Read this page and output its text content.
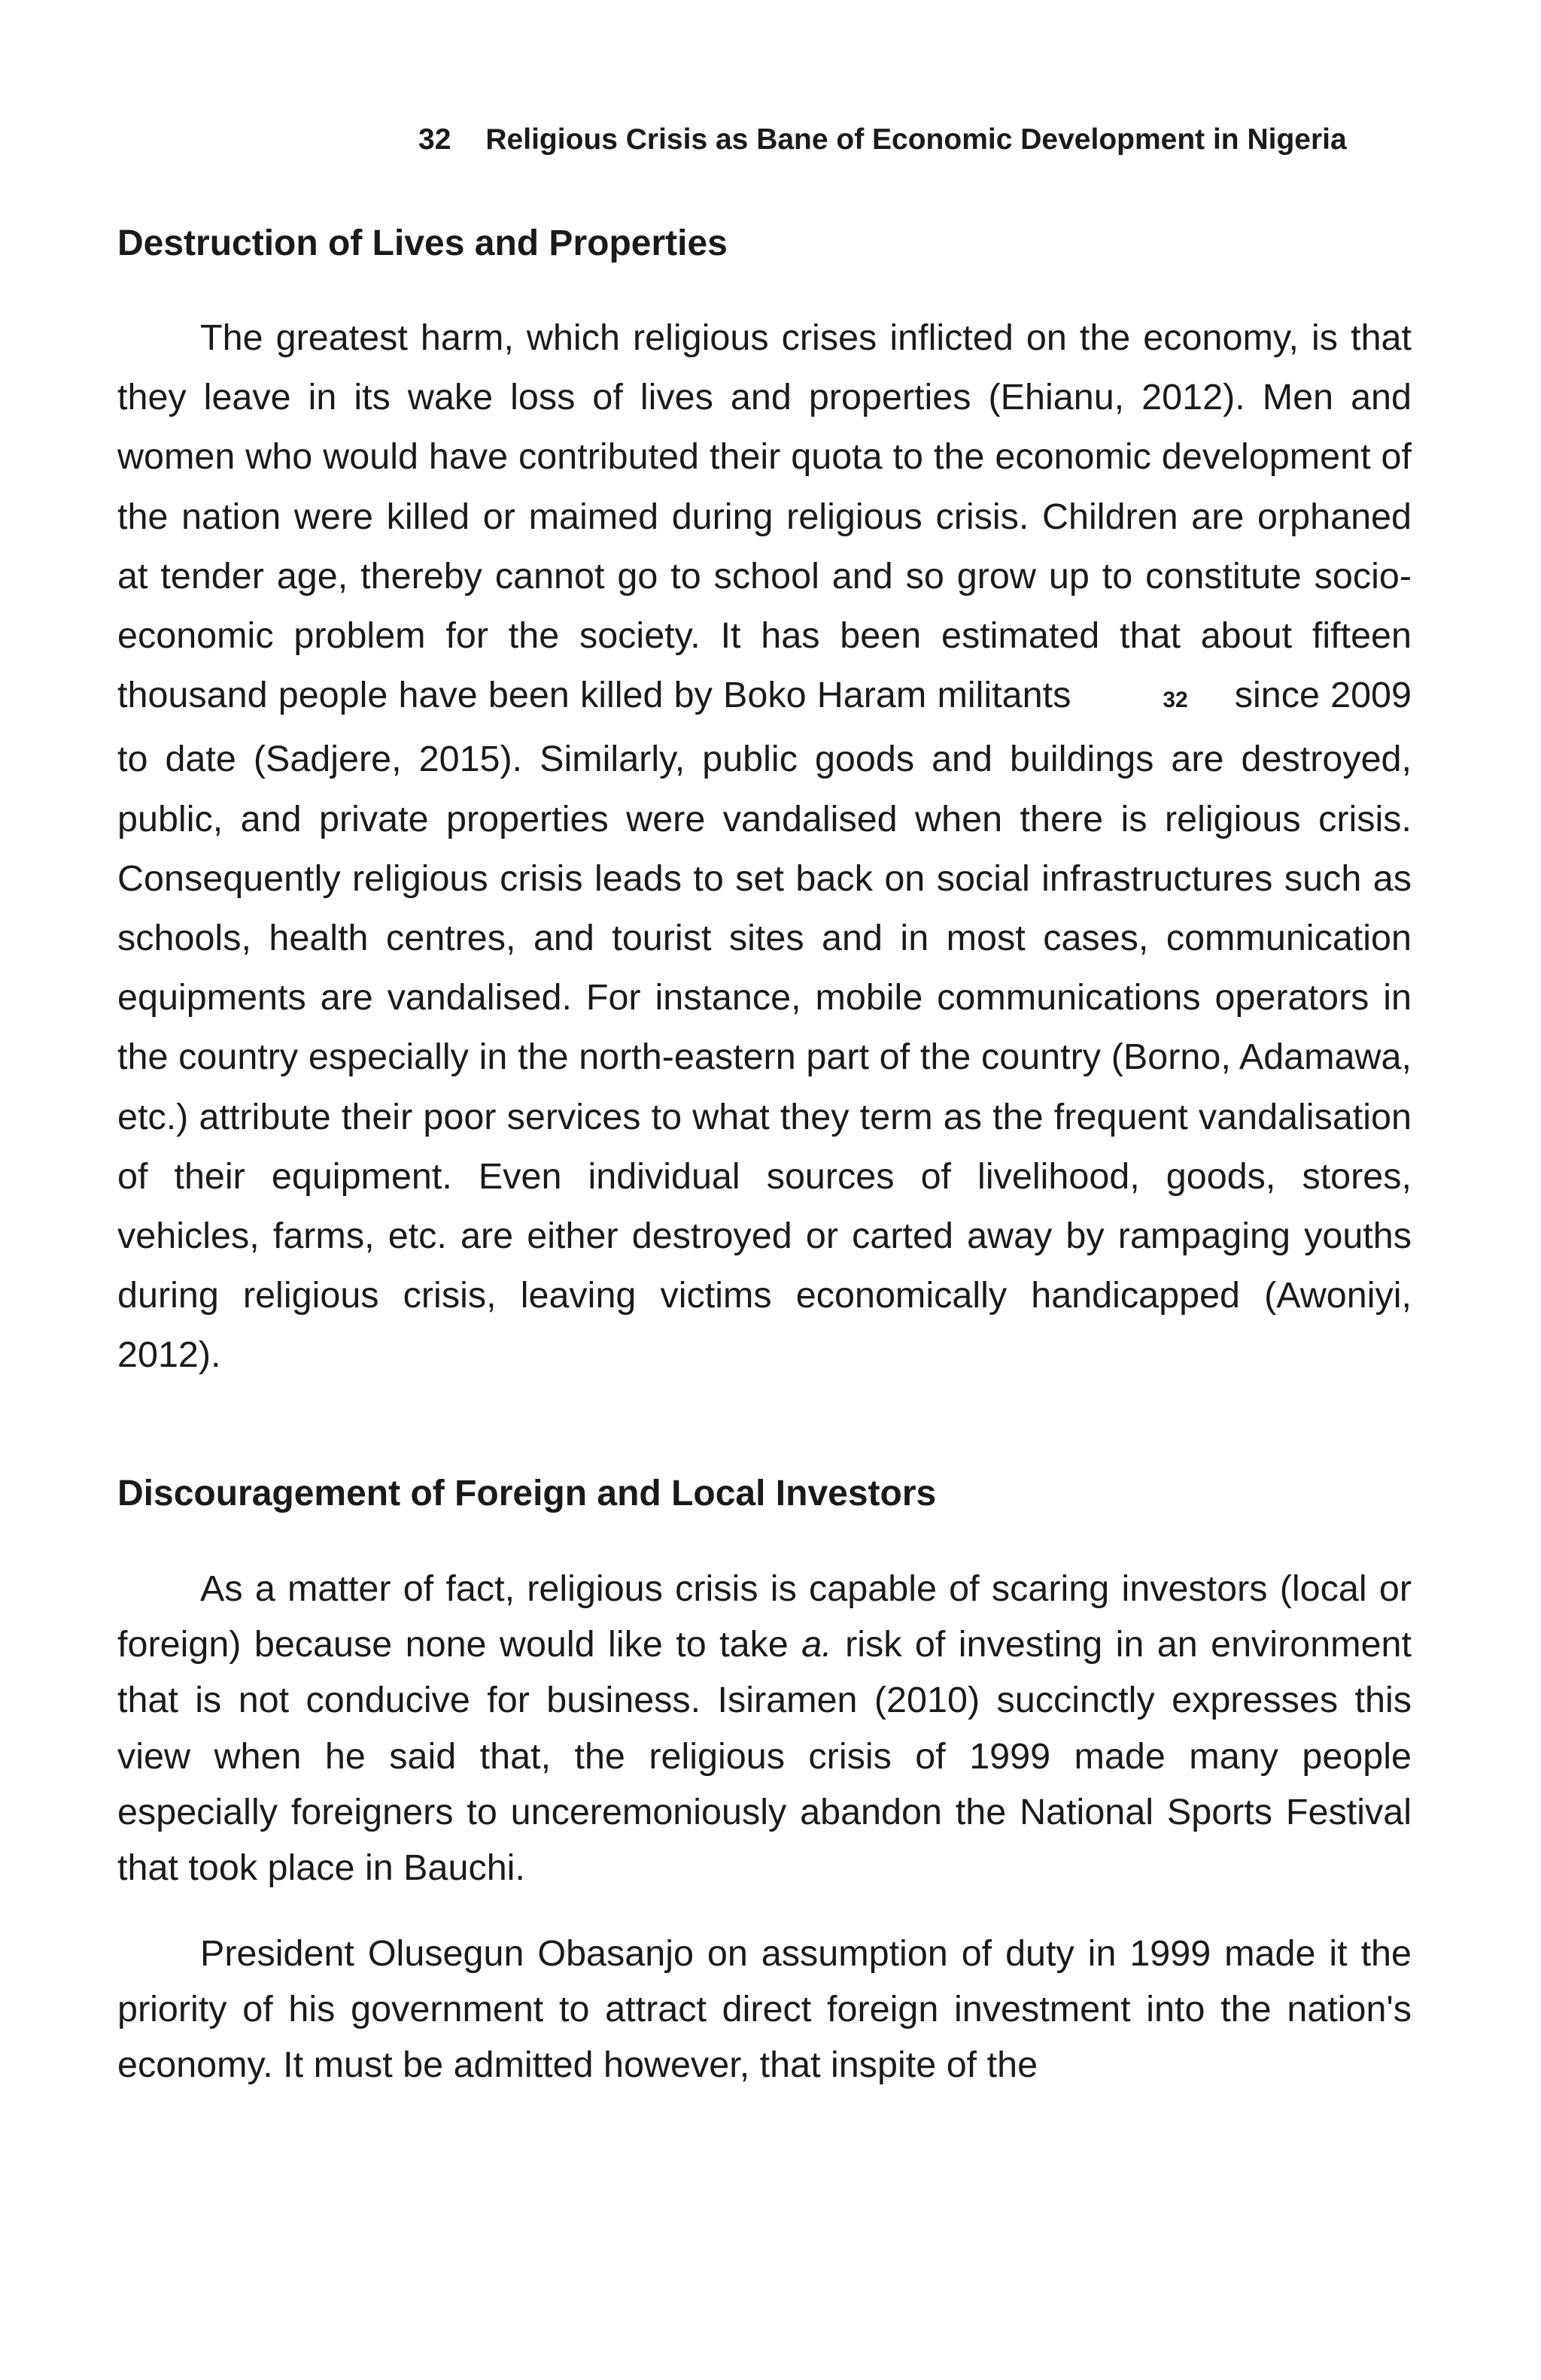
32 Religious Crisis as Bane of Economic Development in Nigeria
Destruction of Lives and Properties

The greatest harm, which religious crises inflicted on the economy, is that they leave in its wake loss of lives and properties (Ehianu, 2012). Men and women who would have contributed their quota to the economic development of the nation were killed or maimed during religious crisis. Children are orphaned at tender age, thereby cannot go to school and so grow up to constitute socio-economic problem for the society. It has been estimated that about fifteen thousand people have been killed by Boko Haram militants	32 since 2009 to date (Sadjere, 2015). Similarly, public goods and buildings are destroyed, public, and private properties were vandalised when there is religious crisis. Consequently religious crisis leads to set back on social infrastructures such as schools, health centres, and tourist sites and in most cases, communication equipments are vandalised. For instance, mobile communications operators in the country especially in the north-eastern part of the country (Borno, Adamawa, etc.) attribute their poor services to what they term as the frequent vandalisation of their equipment. Even individual sources of livelihood, goods, stores, vehicles, farms, etc. are either destroyed or carted away by rampaging youths during religious crisis, leaving victims economically handicapped (Awoniyi, 2012).

Discouragement of Foreign and Local Investors

As a matter of fact, religious crisis is capable of scaring investors (local or foreign) because none would like to take a. risk of investing in an environment that is not conducive for business. Isiramen (2010) succinctly expresses this view when he said that, the religious crisis of 1999 made many people especially foreigners to unceremoniously abandon the National Sports Festival that took place in Bauchi.

President Olusegun Obasanjo on assumption of duty in 1999 made it the priority of his government to attract direct foreign investment into the nation's economy. It must be admitted however, that inspite of the
